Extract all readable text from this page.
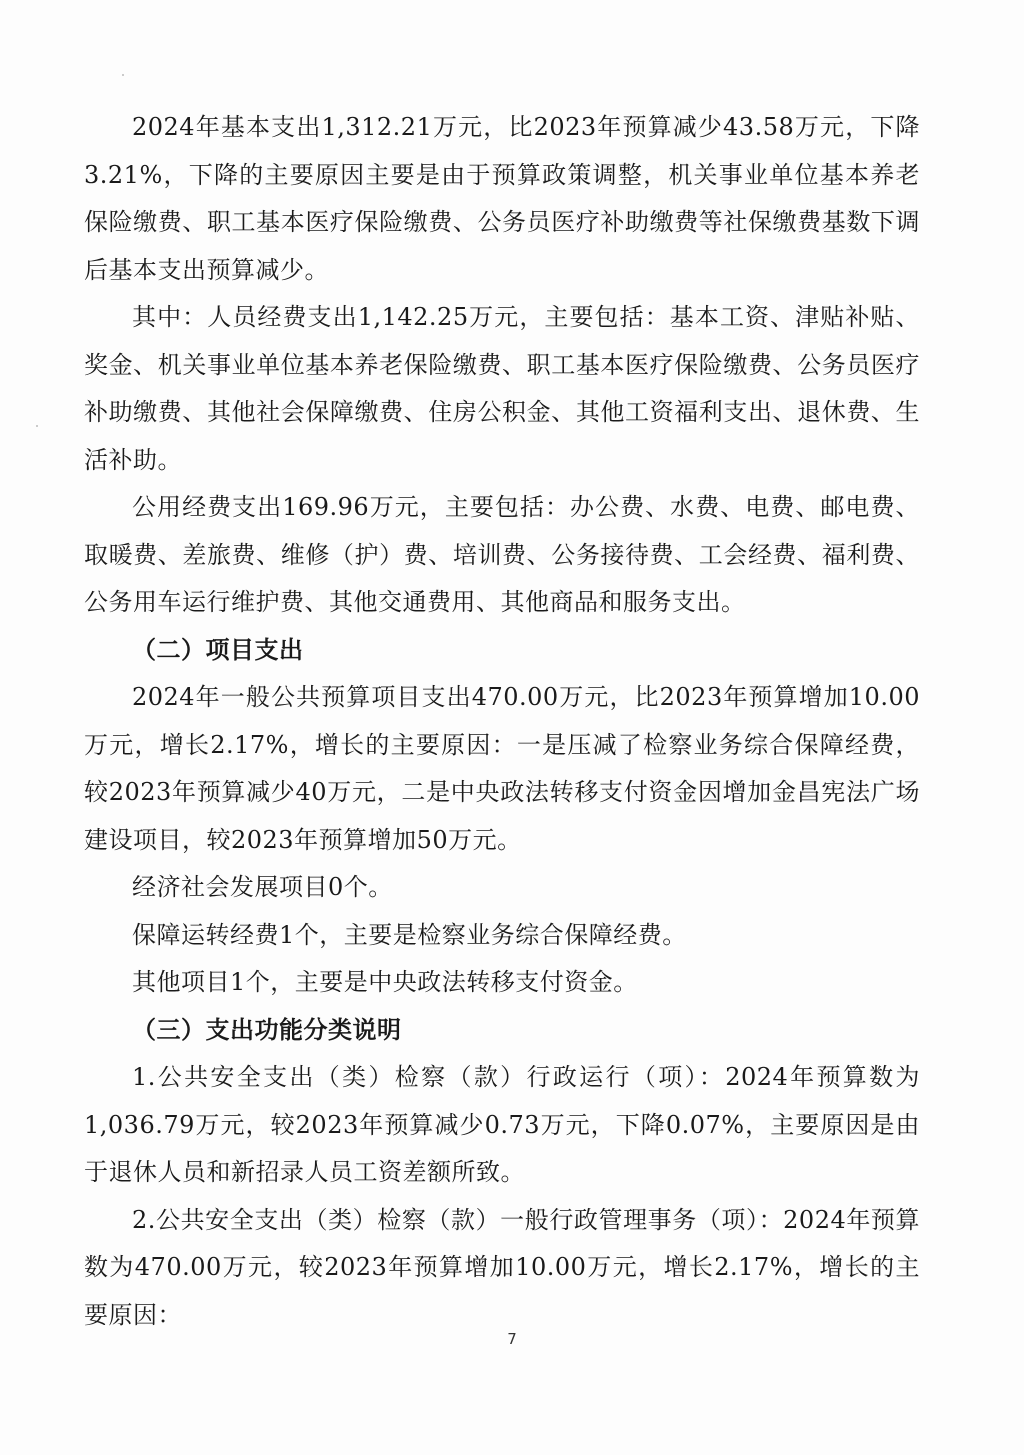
2024年基本支出1,312.21万元，比2023年预算减少43.58万元，下降3.21%，下降的主要原因主要是由于预算政策调整，机关事业单位基本养老保险缴费、职工基本医疗保险缴费、公务员医疗补助缴费等社保缴费基数下调后基本支出预算减少。

其中：人员经费支出1,142.25万元，主要包括：基本工资、津贴补贴、奖金、机关事业单位基本养老保险缴费、职工基本医疗保险缴费、公务员医疗补助缴费、其他社会保障缴费、住房公积金、其他工资福利支出、退休费、生活补助。

公用经费支出169.96万元，主要包括：办公费、水费、电费、邮电费、取暖费、差旅费、维修（护）费、培训费、公务接待费、工会经费、福利费、公务用车运行维护费、其他交通费用、其他商品和服务支出。

（二）项目支出

2024年一般公共预算项目支出470.00万元，比2023年预算增加10.00万元，增长2.17%，增长的主要原因：一是压减了检察业务综合保障经费，较2023年预算减少40万元，二是中央政法转移支付资金因增加金昌宪法广场建设项目，较2023年预算增加50万元。

经济社会发展项目0个。

保障运转经费1个，主要是检察业务综合保障经费。

其他项目1个，主要是中央政法转移支付资金。

（三）支出功能分类说明

1.公共安全支出（类）检察（款）行政运行（项）：2024年预算数为1,036.79万元，较2023年预算减少0.73万元，下降0.07%，主要原因是由于退休人员和新招录人员工资差额所致。

2.公共安全支出（类）检察（款）一般行政管理事务（项）：2024年预算数为470.00万元，较2023年预算增加10.00万元，增长2.17%，增长的主要原因：

7
